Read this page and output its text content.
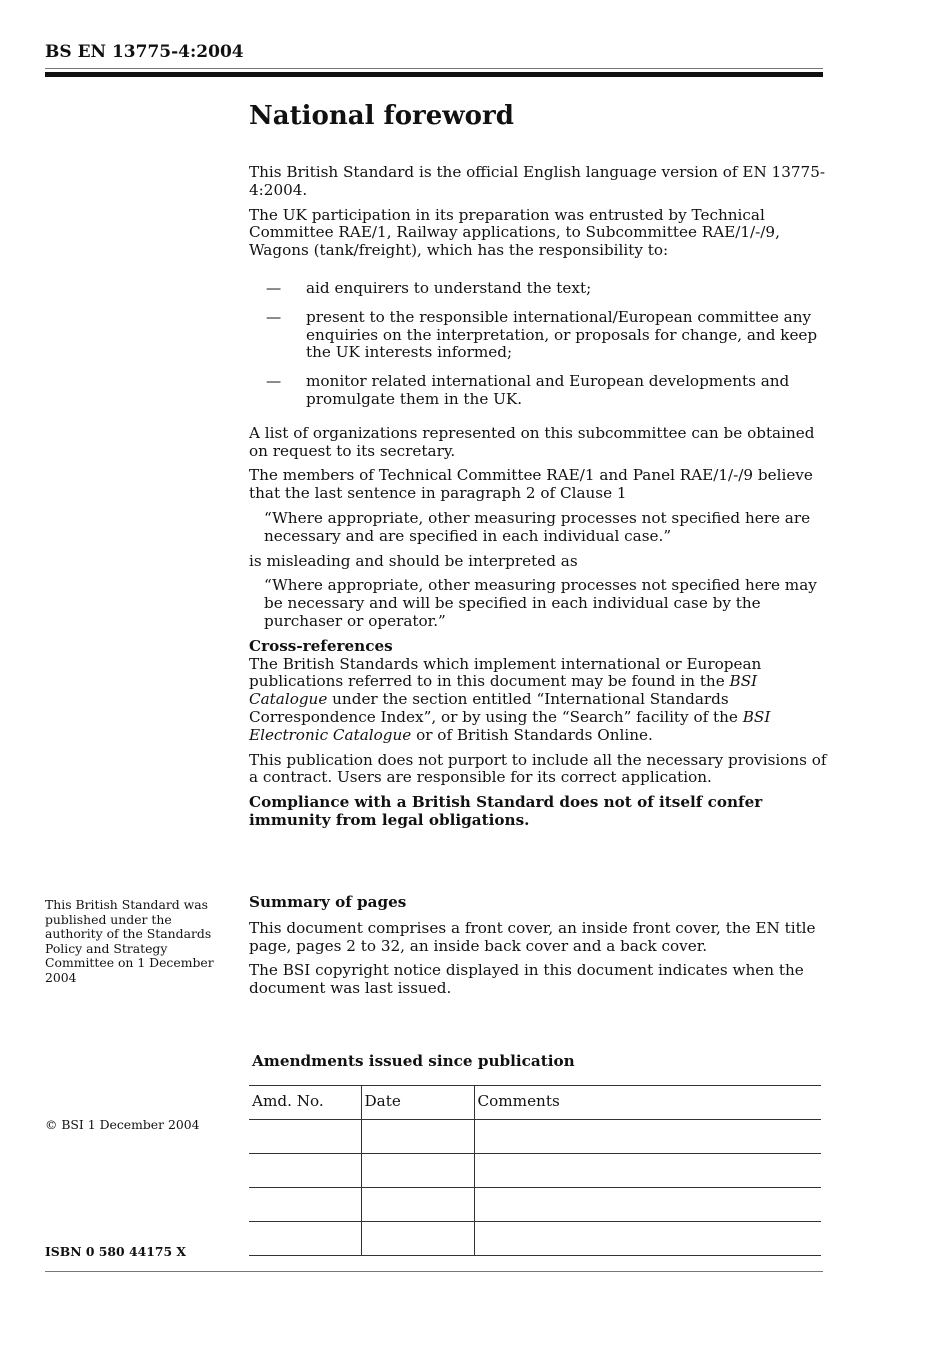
BS EN 13775-4:2004
National foreword

This British Standard is the official English language version of EN 13775-4:2004.

The UK participation in its preparation was entrusted by Technical Committee RAE/1, Railway applications, to Subcommittee RAE/1/-/9, Wagons (tank/freight), which has the responsibility to:

—	aid enquirers to understand the text;
—	present to the responsible international/European committee any enquiries on the interpretation, or proposals for change, and keep the UK interests informed;
—	monitor related international and European developments and promulgate them in the UK.

A list of organizations represented on this subcommittee can be obtained on request to its secretary.

The members of Technical Committee RAE/1 and Panel RAE/1/-/9 believe that the last sentence in paragraph 2 of Clause 1

“Where appropriate, other measuring processes not specified here are necessary and are specified in each individual case.”

is misleading and should be interpreted as

“Where appropriate, other measuring processes not specified here may be necessary and will be specified in each individual case by the purchaser or operator.”

Cross-references

The British Standards which implement international or European publications referred to in this document may be found in the BSI Catalogue under the section entitled “International Standards Correspondence Index”, or by using the “Search” facility of the BSI Electronic Catalogue or of British Standards Online.

This publication does not purport to include all the necessary provisions of a contract. Users are responsible for its correct application.

Compliance with a British Standard does not of itself confer immunity from legal obligations.

This British Standard was published under the authority of the Standards Policy and Strategy Committee on 1 December 2004

Summary of pages

This document comprises a front cover, an inside front cover, the EN title page, pages 2 to 32, an inside back cover and a back cover.

The BSI copyright notice displayed in this document indicates when the document was last issued.

Amendments issued since publication
Amd. No.	Date	Comments

© BSI 1 December 2004
ISBN 0 580 44175 X
